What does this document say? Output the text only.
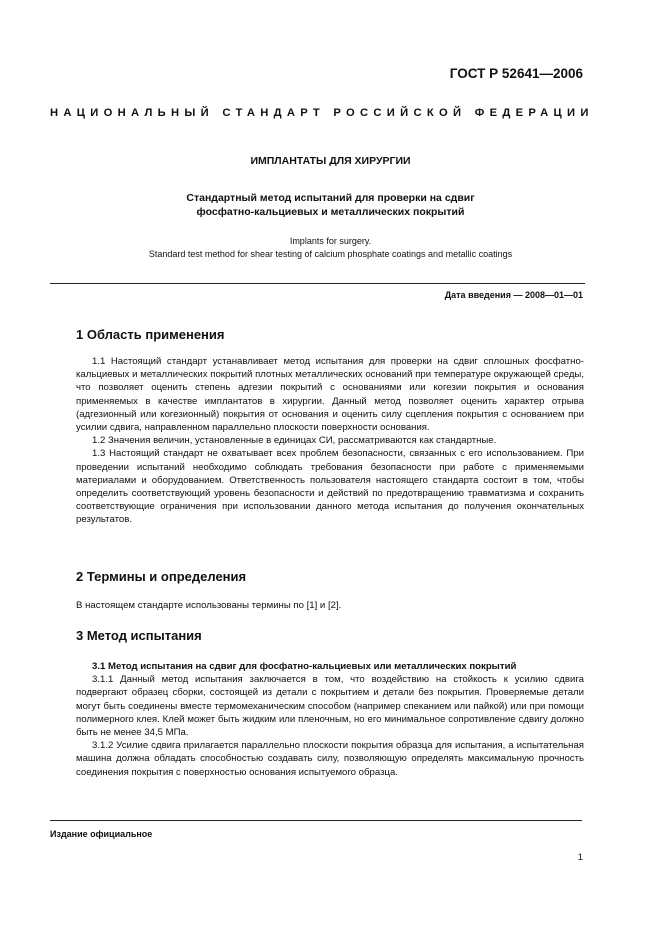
ГОСТ Р 52641—2006
НАЦИОНАЛЬНЫЙ СТАНДАРТ РОССИЙСКОЙ ФЕДЕРАЦИИ
ИМПЛАНТАТЫ ДЛЯ ХИРУРГИИ
Стандартный метод испытаний для проверки на сдвиг
фосфатно-кальциевых и металлических покрытий
Implants for surgery.
Standard test method for shear testing of calcium phosphate coatings and metallic coatings
Дата введения — 2008—01—01
1 Область применения

1.1 Настоящий стандарт устанавливает метод испытания для проверки на сдвиг сплошных фосфатно-кальциевых и металлических покрытий плотных металлических оснований при температуре окружающей среды, что позволяет оценить степень адгезии покрытий с основаниями или когезии покрытия и основания применяемых в качестве имплантатов в хирургии. Данный метод позволяет оценить характер отрыва (адгезионный или когезионный) покрытия от основания и оценить силу сцепления покрытия с основанием при усилии сдвига, направленном параллельно плоскости поверхности основания.

1.2 Значения величин, установленные в единицах СИ, рассматриваются как стандартные.

1.3 Настоящий стандарт не охватывает всех проблем безопасности, связанных с его использованием. При проведении испытаний необходимо соблюдать требования безопасности при работе с применяемыми материалами и оборудованием. Ответственность пользователя настоящего стандарта состоит в том, чтобы определить соответствующий уровень безопасности и действий по предотвращению травматизма и сохранить соответствующие ограничения при использовании данного метода испытания до получения окончательных результатов.

2 Термины и определения

В настоящем стандарте использованы термины по [1] и [2].

3 Метод испытания

3.1 Метод испытания на сдвиг для фосфатно-кальциевых или металлических покрытий

3.1.1 Данный метод испытания заключается в том, что воздействию на стойкость к усилию сдвига подвергают образец сборки, состоящей из детали с покрытием и детали без покрытия. Проверяемые детали могут быть соединены вместе термомеханическим способом (например спеканием или пайкой) или при помощи полимерного клея. Клей может быть жидким или пленочным, но его минимальное сопротивление сдвигу должно быть не менее 34,5 МПа.

3.1.2 Усилие сдвига прилагается параллельно плоскости покрытия образца для испытания, а испытательная машина должна обладать способностью создавать силу, позволяющую определять максимальную прочность соединения покрытия с поверхностью основания испытуемого образца.

Издание официальное
1
